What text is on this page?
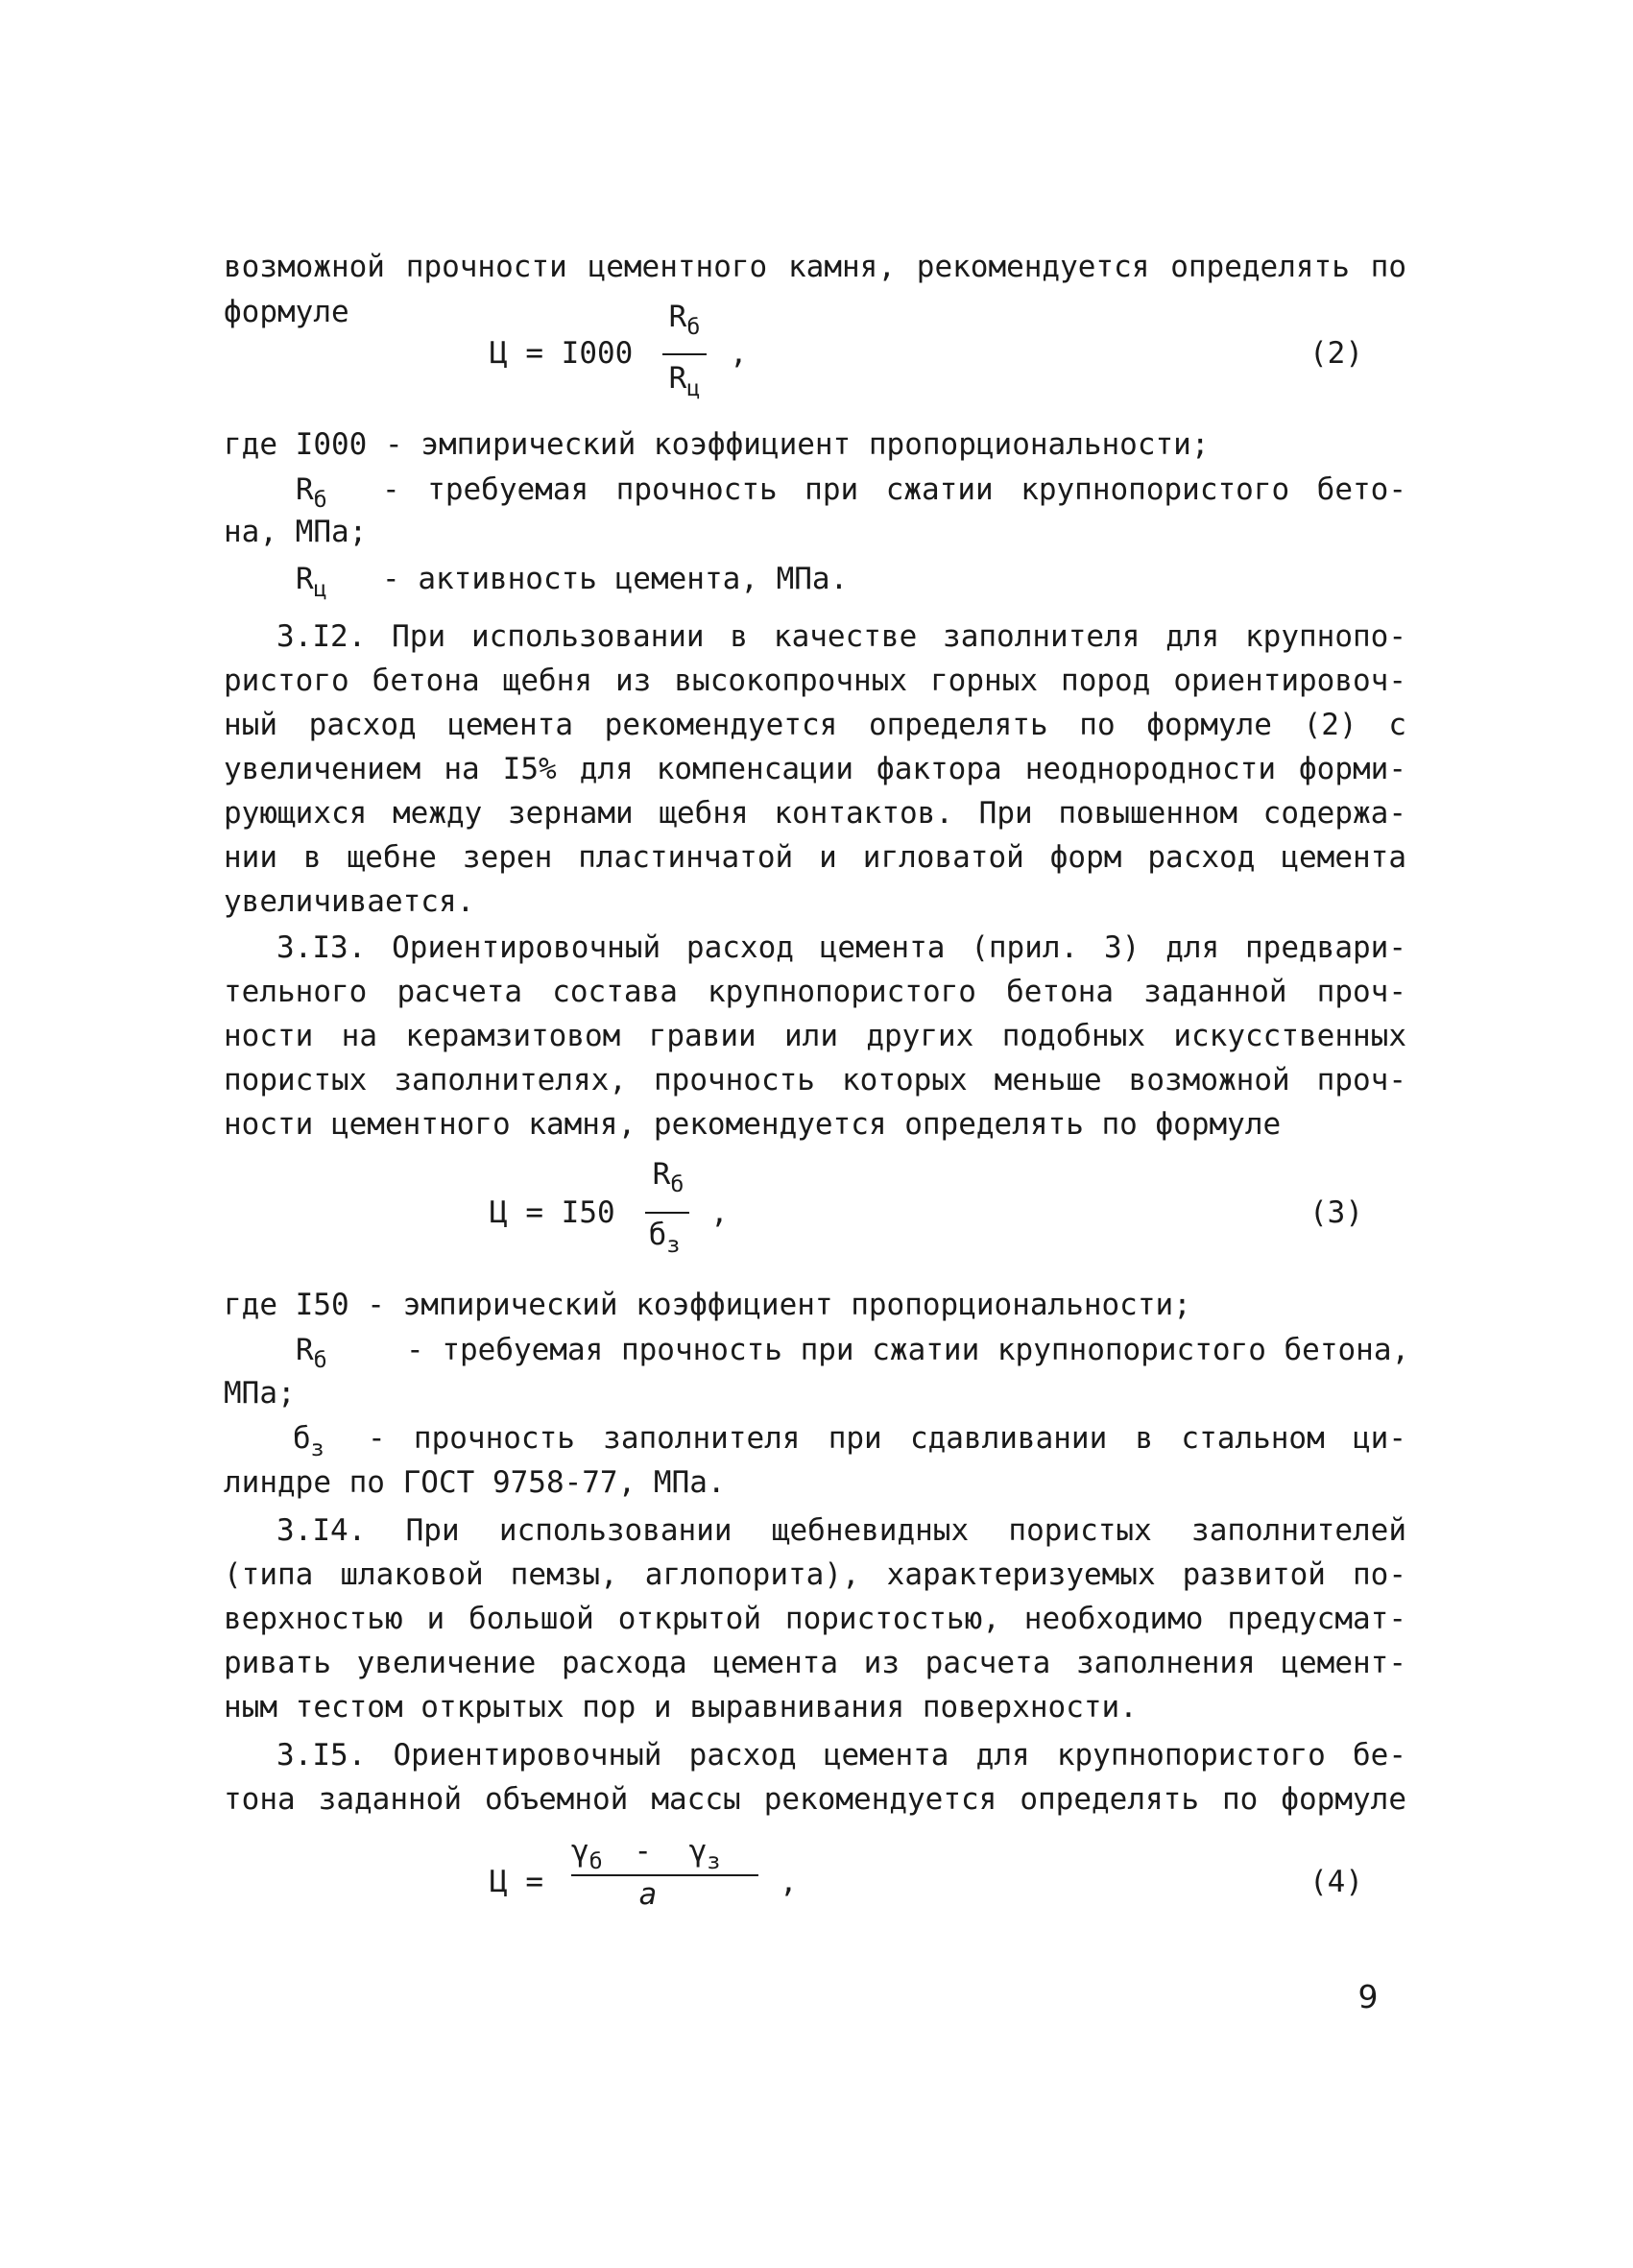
возможной прочности цементного камня, рекомендуется определять по
формуле
Ц = I000
$R_б$
$R_ц$
,	(2)
где I000 - эмпирический коэффициент пропорциональности;
$R_б$ - требуемая прочность при сжатии крупнопористого бето-
на, МПа;
$R_ц$ - активность цемента, МПа.
3.I2. При использовании в качестве заполнителя для крупнопо-
ристого бетона щебня из высокопрочных горных пород ориентировоч-
ный расход цемента рекомендуется определять по формуле (2) с
увеличением на I5% для компенсации фактора неоднородности форми-
рующихся между зернами щебня контактов. При повышенном содержа-
нии в щебне зерен пластинчатой и игловатой форм расход цемента
увеличивается.
3.I3. Ориентировочный расход цемента (прил. 3) для предвари-
тельного расчета состава крупнопористого бетона заданной проч-
ности на керамзитовом гравии или других подобных искусственных
пористых заполнителях, прочность которых меньше возможной проч-
ности цементного камня, рекомендуется определять по формуле
Ц = I50
$R_б$
$б_з$
,	(3)
где I50 - эмпирический коэффициент пропорциональности;
$R_б$	- требуемая прочность при сжатии крупнопористого бетона,
МПа;
$б_з$ - прочность заполнителя при сдавливании в стальном ци-
линдре по ГОСТ 9758-77, МПа.
3.I4. При использовании щебневидных пористых заполнителей
(типа шлаковой пемзы, аглопорита), характеризуемых развитой по-
верхностью и большой открытой пористостью, необходимо предусмат-
ривать увеличение расхода цемента из расчета заполнения цемент-
ным тестом открытых пор и выравнивания поверхности.
3.I5. Ориентировочный расход цемента для крупнопористого бе-
тона заданной объемной массы рекомендуется определять по формуле
Ц =
$\gamma_б - \gamma_з$
a	,	(4)
9
